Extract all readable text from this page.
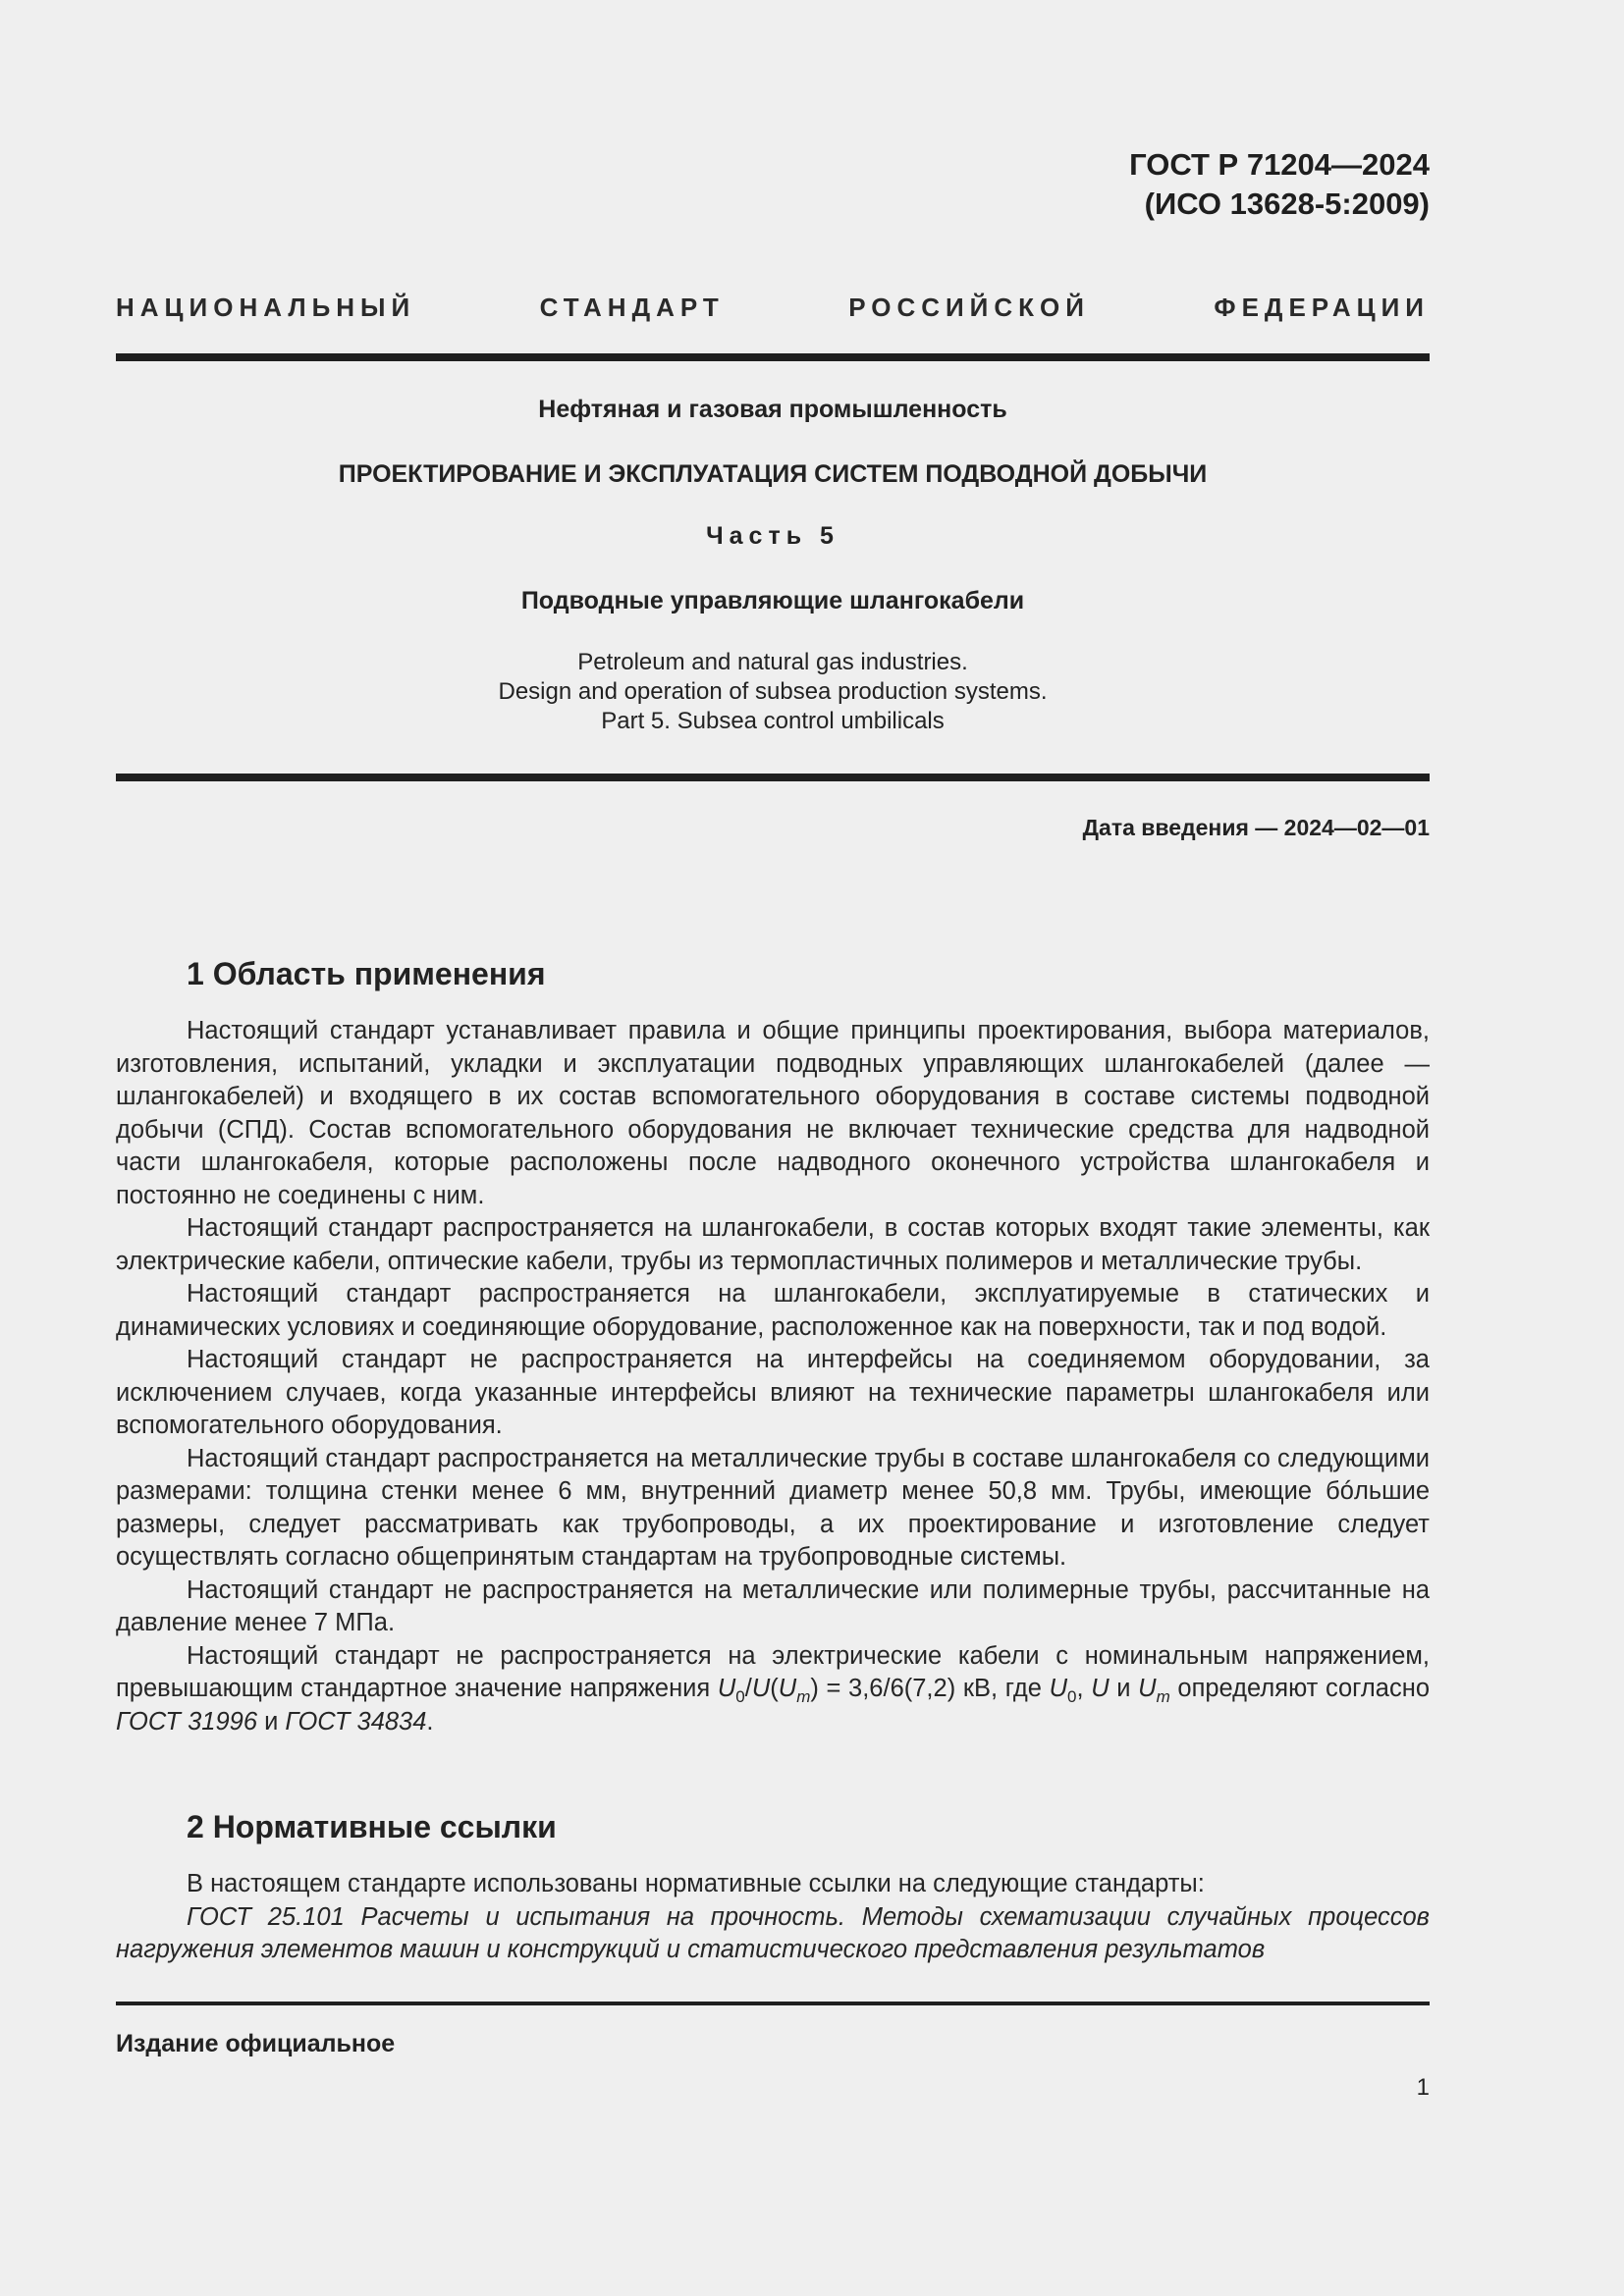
ГОСТ Р 71204—2024
(ИСО 13628-5:2009)
НАЦИОНАЛЬНЫЙ СТАНДАРТ РОССИЙСКОЙ ФЕДЕРАЦИИ
Нефтяная и газовая промышленность
ПРОЕКТИРОВАНИЕ И ЭКСПЛУАТАЦИЯ СИСТЕМ ПОДВОДНОЙ ДОБЫЧИ
Часть 5
Подводные управляющие шлангокабели
Petroleum and natural gas industries.
Design and operation of subsea production systems.
Part 5. Subsea control umbilicals
Дата введения — 2024—02—01
1 Область применения

Настоящий стандарт устанавливает правила и общие принципы проектирования, выбора материалов, изготовления, испытаний, укладки и эксплуатации подводных управляющих шлангокабелей (далее — шлангокабелей) и входящего в их состав вспомогательного оборудования в составе системы подводной добычи (СПД). Состав вспомогательного оборудования не включает технические средства для надводной части шлангокабеля, которые расположены после надводного оконечного устройства шлангокабеля и постоянно не соединены с ним.

Настоящий стандарт распространяется на шлангокабели, в состав которых входят такие элементы, как электрические кабели, оптические кабели, трубы из термопластичных полимеров и металлические трубы.

Настоящий стандарт распространяется на шлангокабели, эксплуатируемые в статических и динамических условиях и соединяющие оборудование, расположенное как на поверхности, так и под водой.

Настоящий стандарт не распространяется на интерфейсы на соединяемом оборудовании, за исключением случаев, когда указанные интерфейсы влияют на технические параметры шлангокабеля или вспомогательного оборудования.

Настоящий стандарт распространяется на металлические трубы в составе шлангокабеля со следующими размерами: толщина стенки менее 6 мм, внутренний диаметр менее 50,8 мм. Трубы, имеющие бóльшие размеры, следует рассматривать как трубопроводы, а их проектирование и изготовление следует осуществлять согласно общепринятым стандартам на трубопроводные системы.

Настоящий стандарт не распространяется на металлические или полимерные трубы, рассчитанные на давление менее 7 МПа.

Настоящий стандарт не распространяется на электрические кабели с номинальным напряжением, превышающим стандартное значение напряжения $U_0/U(U_m) = 3,6/6(7,2)$ кВ, где $U_0$, U и $U_m$ определяют согласно ГОСТ 31996 и ГОСТ 34834.

2 Нормативные ссылки

В настоящем стандарте использованы нормативные ссылки на следующие стандарты:

ГОСТ 25.101 Расчеты и испытания на прочность. Методы схематизации случайных процессов нагружения элементов машин и конструкций и статистического представления результатов

Издание официальное
1
